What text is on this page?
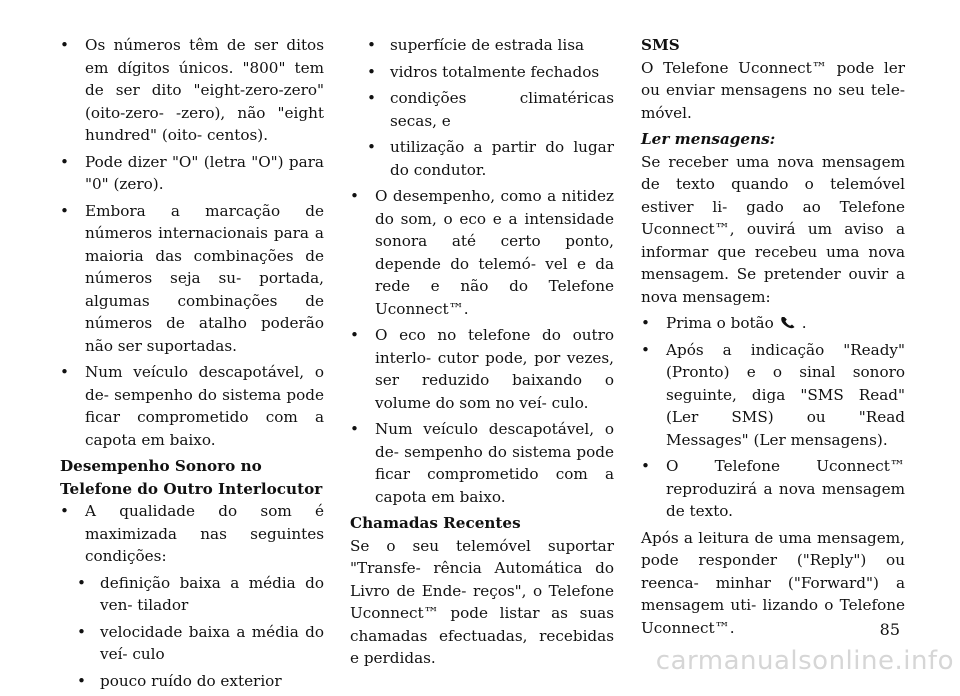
• Os números têm de ser ditos em dígitos únicos. "800" tem de ser dito "eight-zero-zero" (oito-zero- -zero), não "eight hundred" (oito- centos).

• Pode dizer "O" (letra "O") para "0" (zero).

• Embora a marcação de números internacionais para a maioria das combinações de números seja su- portada, algumas combinações de números de atalho poderão não ser suportadas.

• Num veículo descapotável, o de- sempenho do sistema pode ficar comprometido com a capota em baixo.

Desempenho Sonoro no Telefone do Outro Interlocutor

• A qualidade do som é maximizada nas seguintes condições:

• definição baixa a média do ven- tilador

• velocidade baixa a média do veí- culo

• pouco ruído do exterior

• superfície de estrada lisa

• vidros totalmente fechados

• condições climatéricas secas, e

• utilização a partir do lugar do condutor.

• O desempenho, como a nitidez do som, o eco e a intensidade sonora até certo ponto, depende do telemó- vel e da rede e não do Telefone Uconnect™.

• O eco no telefone do outro interlo- cutor pode, por vezes, ser reduzido baixando o volume do som no veí- culo.

• Num veículo descapotável, o de- sempenho do sistema pode ficar comprometido com a capota em baixo.

Chamadas Recentes

Se o seu telemóvel suportar "Transfe- rência Automática do Livro de Ende- reços", o Telefone Uconnect™ pode listar as suas chamadas efectuadas, recebidas e perdidas.

SMS

O Telefone Uconnect™ pode ler ou enviar mensagens no seu tele- móvel.

Ler mensagens:

Se receber uma nova mensagem de texto quando o telemóvel estiver li- gado ao Telefone Uconnect™, ouvirá um aviso a informar que recebeu uma nova mensagem. Se pretender ouvir a nova mensagem:

• Prima o botão .

• Após a indicação "Ready" (Pronto) e o sinal sonoro seguinte, diga "SMS Read" (Ler SMS) ou "Read Messages" (Ler mensagens).

• O Telefone Uconnect™ reproduzirá a nova mensagem de texto.

Após a leitura de uma mensagem, pode responder ("Reply") ou reenca- minhar ("Forward") a mensagem uti- lizando o Telefone Uconnect™.	85
carmanualsonline.info
